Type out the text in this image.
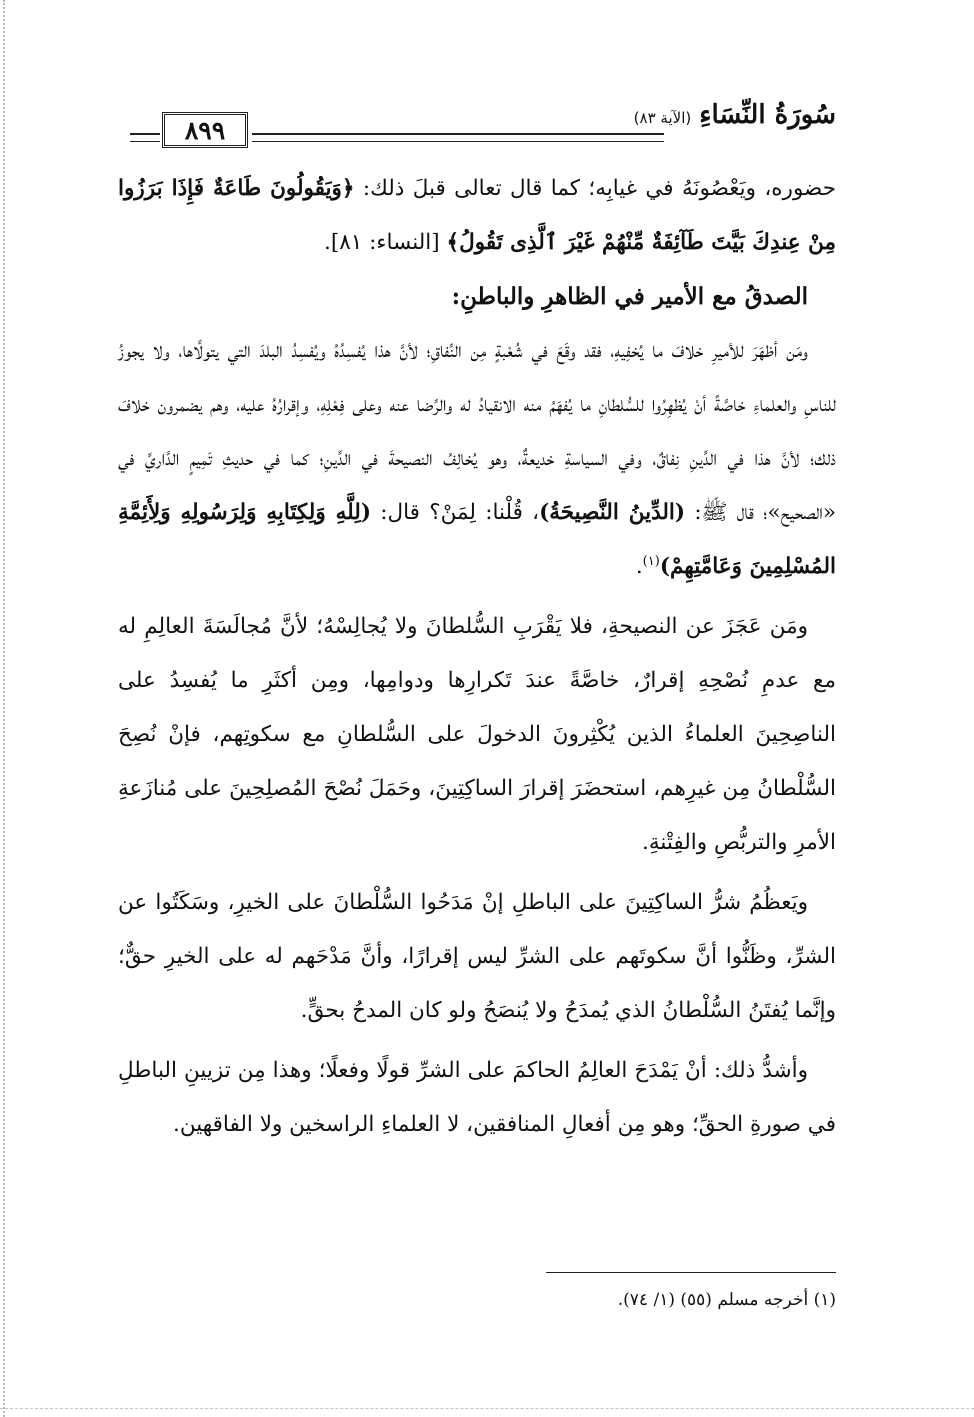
سُورَةُ النِّسَاءِ
(الآية ٨٣)
٨٩٩

حضوره، ويَعْصُونَهُ في غيابِه؛ كما قال تعالى قبلَ ذلك: ﴿وَيَقُولُونَ طَاعَةٌ فَإِذَا بَرَزُوا مِنْ عِندِكَ بَيَّتَ طَآئِفَةٌ مِّنْهُمْ غَيْرَ ٱلَّذِى تَقُولُ﴾ [النساء: ٨١].

الصدقُ مع الأمير في الظاهرِ والباطنِ:

ومَن أظهَرَ للأميرِ خلافَ ما يُخفِيهِ، فقد وقَعَ في شُعْبةٍ مِن النِّفاقِ؛ لأنَّ هذا يُفسِدُهُ ويُفسِدُ البلدَ التي يتولَّاها، ولا يجوزُ للناسِ والعلماءِ خاصَّةً أنْ يُظهِرُوا للسُّلطانِ ما يُفهَمُ منه الانقيادُ له والرِّضا عنه وعلى فِعْلِهِ، وإقرارُهُ عليه، وهم يضمرون خلافَ ذلك؛ لأنَّ هذا في الدِّينِ نِفاقٌ، وفي السياسةِ خديعةٌ، وهو يُخالِفُ النصيحةَ في الدِّينِ؛ كما في حديثِ تَمِيمٍ الدَّاريِّ في «الصحيح»؛ قال ﷺ: (الدِّينُ النَّصِيحَةُ)، قُلْنا: لِمَنْ؟ قال: (لِلَّهِ وَلِكِتَابِهِ وَلِرَسُولِهِ وَلِأَئِمَّةِ المُسْلِمِينَ وَعَامَّتِهِمْ)$^{(١)}$.

ومَن عَجَزَ عن النصيحةِ، فلا يَقْرَبِ السُّلطانَ ولا يُجالِسْهُ؛ لأنَّ مُجالَسَةَ العالِمِ له مع عدمِ نُصْحِهِ إقرارٌ، خاصَّةً عندَ تَكرارِها ودوامِها، ومِن أكثَرِ ما يُفسِدُ على الناصِحِينَ العلماءُ الذين يُكْثِرونَ الدخولَ على السُّلطانِ مع سكوتِهم، فإنْ نُصِحَ السُّلْطانُ مِن غيرِهم، استحضَرَ إقرارَ الساكِتِينَ، وحَمَلَ نُصْحَ المُصلِحِينَ على مُنازَعةِ الأمرِ والتربُّصِ والفِتْنةِ.

ويَعظُمُ شرُّ الساكِتِينَ على الباطلِ إنْ مَدَحُوا السُّلْطانَ على الخيرِ، وسَكَتُوا عن الشرِّ، وظَنُّوا أنَّ سكوتَهم على الشرِّ ليس إقرارًا، وأنَّ مَدْحَهم له على الخيرِ حقٌّ؛ وإنَّما يُفتَنُ السُّلْطانُ الذي يُمدَحُ ولا يُنصَحُ ولو كان المدحُ بحقٍّ.

وأشدُّ ذلك: أنْ يَمْدَحَ العالِمُ الحاكمَ على الشرِّ قولًا وفعلًا؛ وهذا مِن تزيينِ الباطلِ في صورةِ الحقِّ؛ وهو مِن أفعالِ المنافقين، لا العلماءِ الراسخين ولا الفاقهين.

(١) أخرجه مسلم (٥٥) (١/ ٧٤).
